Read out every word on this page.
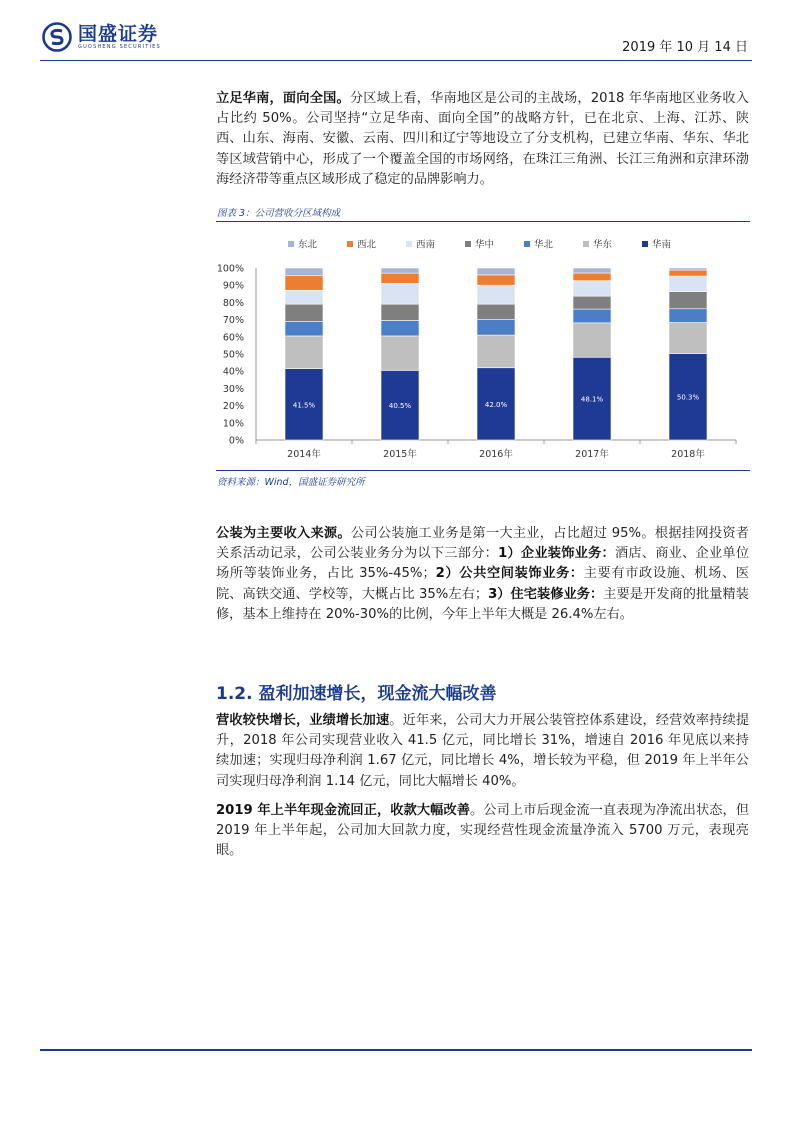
国盛证券
GUOSHENG SECURITIES	2019 年 10 月 14 日
立足华南，面向全国。分区域上看，华南地区是公司的主战场，2018 年华南地区业务收入占比约 50%。公司坚持“立足华南、面向全国”的战略方针，已在北京、上海、江苏、陕西、山东、海南、安徽、云南、四川和辽宁等地设立了分支机构，已建立华南、华东、华北等区域营销中心，形成了一个覆盖全国的市场网络，在珠江三角洲、长江三角洲和京津环渤海经济带等重点区域形成了稳定的品牌影响力。
图表 3：公司营收分区域构成
东北	西北	西南	华中	华北	华东	华南
0%
10%
20%
30%
40%
50%
60%
70%
80%
90%
100%
41.5%	40.5%	42.0%
48.1%	50.3%
2014年	2015年	2016年	2017年	2018年
资料来源：Wind，国盛证券研究所
公装为主要收入来源。公司公装施工业务是第一大主业，占比超过 95%。根据挂网投资者关系活动记录，公司公装业务分为以下三部分：1）企业装饰业务：酒店、商业、企业单位场所等装饰业务，占比 35%-45%；2）公共空间装饰业务：主要有市政设施、机场、医院、高铁交通、学校等，大概占比 35%左右；3）住宅装修业务：主要是开发商的批量精装修，基本上维持在 20%-30%的比例，今年上半年大概是 26.4%左右。
1.2. 盈利加速增长，现金流大幅改善
营收较快增长，业绩增长加速。近年来，公司大力开展公装管控体系建设，经营效率持续提升，2018 年公司实现营业收入 41.5 亿元，同比增长 31%，增速自 2016 年见底以来持续加速；实现归母净利润 1.67 亿元，同比增长 4%，增长较为平稳，但 2019 年上半年公司实现归母净利润 1.14 亿元，同比大幅增长 40%。
2019 年上半年现金流回正，收款大幅改善。公司上市后现金流一直表现为净流出状态，但 2019 年上半年起，公司加大回款力度，实现经营性现金流量净流入 5700 万元，表现亮眼。
